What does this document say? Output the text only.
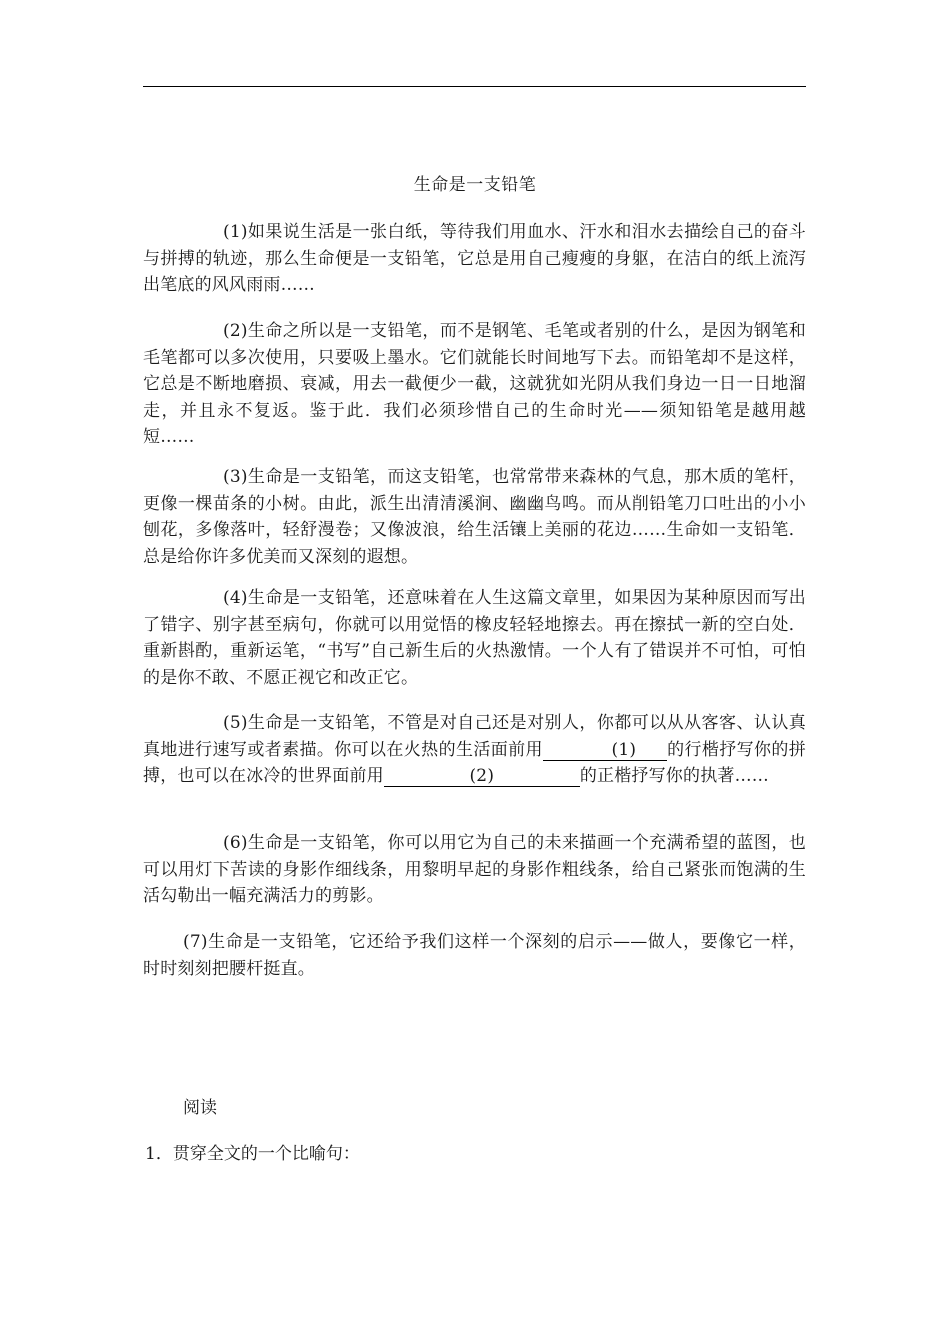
生命是一支铅笔

(1)如果说生活是一张白纸，等待我们用血水、汗水和泪水去描绘自己的奋斗与拼搏的轨迹，那么生命便是一支铅笔，它总是用自己瘦瘦的身躯，在洁白的纸上流泻出笔底的风风雨雨……

(2)生命之所以是一支铅笔，而不是钢笔、毛笔或者别的什么，是因为钢笔和毛笔都可以多次使用，只要吸上墨水。它们就能长时间地写下去。而铅笔却不是这样，它总是不断地磨损、衰减，用去一截便少一截，这就犹如光阴从我们身边一日一日地溜走，并且永不复返。鉴于此．我们必须珍惜自己的生命时光——须知铅笔是越用越短……

(3)生命是一支铅笔，而这支铅笔，也常常带来森林的气息，那木质的笔杆，更像一棵苗条的小树。由此，派生出清清溪涧、幽幽鸟鸣。而从削铅笔刀口吐出的小小刨花，多像落叶，轻舒漫卷；又像波浪，给生活镶上美丽的花边……生命如一支铅笔．总是给你许多优美而又深刻的遐想。

(4)生命是一支铅笔，还意味着在人生这篇文章里，如果因为某种原因而写出了错字、别字甚至病句，你就可以用觉悟的橡皮轻轻地擦去。再在擦拭一新的空白处．重新斟酌，重新运笔，“书写”自己新生后的火热激情。一个人有了错误并不可怕，可怕的是你不敢、不愿正视它和改正它。

(5)生命是一支铅笔，不管是对自己还是对别人，你都可以从从客客、认认真真地进行速写或者素描。你可以在火热的生活面前用	(1) 的行楷抒写你的拼搏，也可以在冰冷的世界面前用	(2)	的正楷抒写你的执著……

(6)生命是一支铅笔，你可以用它为自己的未来描画一个充满希望的蓝图，也可以用灯下苦读的身影作细线条，用黎明早起的身影作粗线条，给自己紧张而饱满的生活勾勒出一幅充满活力的剪影。

(7)生命是一支铅笔，它还给予我们这样一个深刻的启示——做人，要像它一样，时时刻刻把腰杆挺直。

阅读
1．贯穿全文的一个比喻句：
